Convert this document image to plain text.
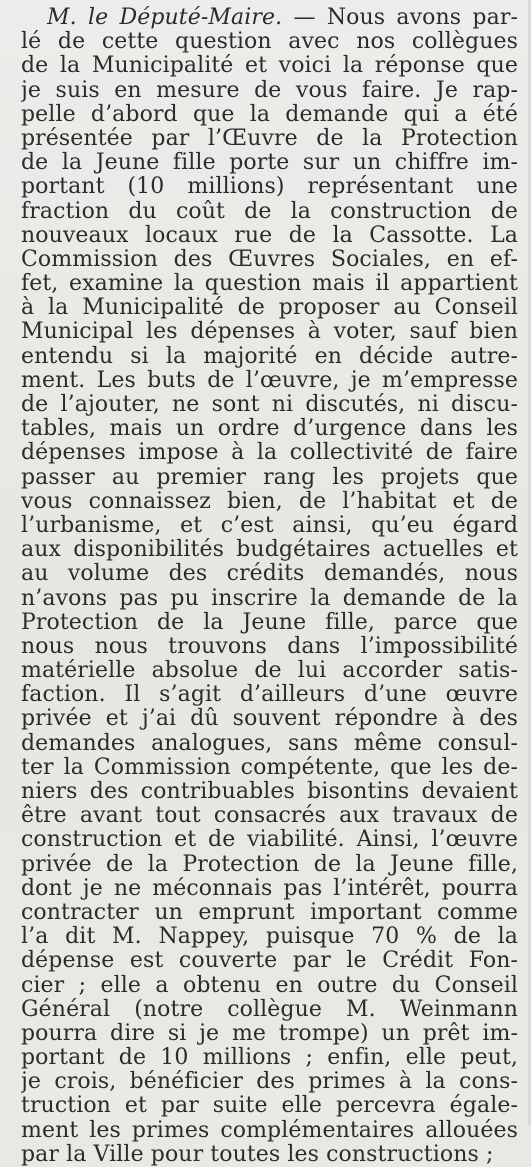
M. le Député-Maire. — Nous avons par-
lé de cette question avec nos collègues
de la Municipalité et voici la réponse que
je suis en mesure de vous faire. Je rap-
pelle d’abord que la demande qui a été
présentée par l’Œuvre de la Protection
de la Jeune fille porte sur un chiffre im-
portant (10 millions) représentant une
fraction du coût de la construction de
nouveaux locaux rue de la Cassotte. La
Commission des Œuvres Sociales, en ef-
fet, examine la question mais il appartient
à la Municipalité de proposer au Conseil
Municipal les dépenses à voter, sauf bien
entendu si la majorité en décide autre-
ment. Les buts de l’œuvre, je m’empresse
de l’ajouter, ne sont ni discutés, ni discu-
tables, mais un ordre d’urgence dans les
dépenses impose à la collectivité de faire
passer au premier rang les projets que
vous connaissez bien, de l’habitat et de
l’urbanisme, et c’est ainsi, qu’eu égard
aux disponibilités budgétaires actuelles et
au volume des crédits demandés, nous
n’avons pas pu inscrire la demande de la
Protection de la Jeune fille, parce que
nous nous trouvons dans l’impossibilité
matérielle absolue de lui accorder satis-
faction. Il s’agit d’ailleurs d’une œuvre
privée et j’ai dû souvent répondre à des
demandes analogues, sans même consul-
ter la Commission compétente, que les de-
niers des contribuables bisontins devaient
être avant tout consacrés aux travaux de
construction et de viabilité. Ainsi, l’œuvre
privée de la Protection de la Jeune fille,
dont je ne méconnais pas l’intérêt, pourra
contracter un emprunt important comme
l’a dit M. Nappey, puisque 70 % de la
dépense est couverte par le Crédit Fon-
cier ; elle a obtenu en outre du Conseil
Général (notre collègue M. Weinmann
pourra dire si je me trompe) un prêt im-
portant de 10 millions ; enfin, elle peut,
je crois, bénéficier des primes à la cons-
truction et par suite elle percevra égale-
ment les primes complémentaires allouées
par la Ville pour toutes les constructions ;
